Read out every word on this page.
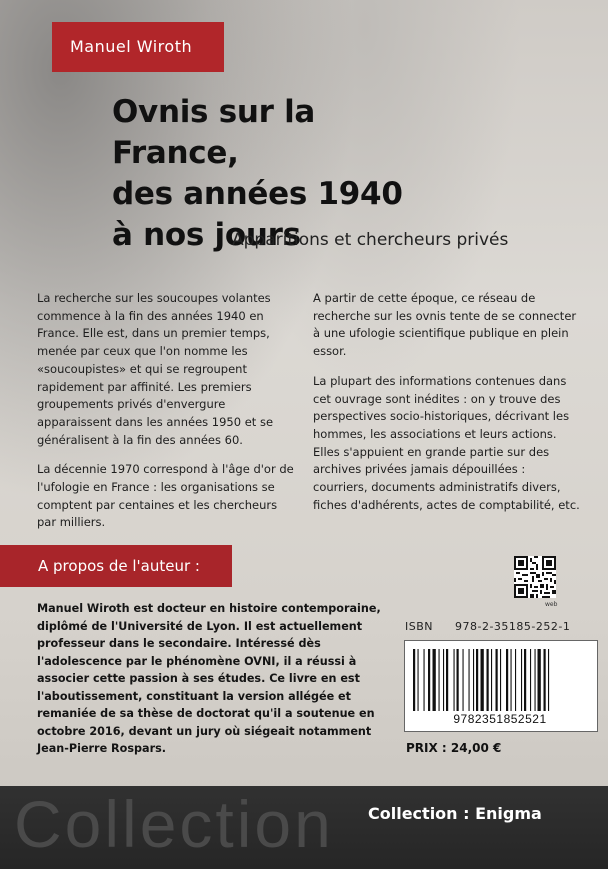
Manuel Wiroth
Ovnis sur la France,
des années 1940
à nos jours
Apparitions et chercheurs privés

La recherche sur les soucoupes volantes commence à la fin des années 1940 en France. Elle est, dans un premier temps, menée par ceux que l'on nomme les «soucoupistes» et qui se regroupent rapidement par affinité. Les premiers groupements privés d'envergure apparaissent dans les années 1950 et se généralisent à la fin des années 60.

La décennie 1970 correspond à l'âge d'or de l'ufologie en France : les organisations se comptent par centaines et les chercheurs par milliers.

A partir de cette époque, ce réseau de recherche sur les ovnis tente de se connecter à une ufologie scientifique publique en plein essor.

La plupart des informations contenues dans cet ouvrage sont inédites : on y trouve des perspectives socio-historiques, décrivant les hommes, les associations et leurs actions. Elles s'appuient en grande partie sur des archives privées jamais dépouillées : courriers, documents administratifs divers, fiches d'adhérents, actes de comptabilité, etc.

A propos de l'auteur :
Manuel Wiroth est docteur en histoire contemporaine, diplômé de l'Université de Lyon. Il est actuellement professeur dans le secondaire. Intéressé dès l'adolescence par le phénomène OVNI, il a réussi à associer cette passion à ses études. Ce livre en est l'aboutissement, constituant la version allégée et remaniée de sa thèse de doctorat qu'il a soutenue en octobre 2016, devant un jury où siégeait notamment Jean-Pierre Rospars.
web
ISBN 978-2-35185-252-1
9782351852521
PRIX : 24,00 €
Collection Collection : Enigma
